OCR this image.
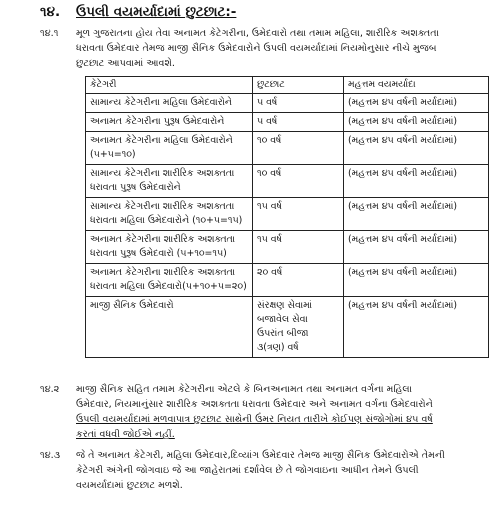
૧૪. ઉપલી વયમર્યાદામાં છુટછાટ:-
૧૪.૧	મૂળ ગુજરાતના હોય તેવા અનામત કેટેગરીના, ઉમેદવારો તથા તમામ મહિલા, શારીરિક અશક્તતા
ધરાવતા ઉમેદવાર તેમજ માજી સૈનિક ઉમેદવારોને ઉપલી વયમર્યાદામાં નિયમોનુસાર નીચે મુજબ
છુટછાટ આપવામાં આવશે.
કેટેગરી	છુટછાટ	મહત્તમ વયમર્યાદા

સામાન્ય કેટેગરીના મહિલા ઉમેદવારોને	૫ વર્ષ	(મહત્તમ ૪૫ વર્ષની મર્યાદામાં)

અનામત કેટેગરીના પુરૂષ ઉમેદવારોને	૫ વર્ષ	(મહત્તમ ૪૫ વર્ષની મર્યાદામાં)

અનામત કેટેગરીના મહિલા ઉમેદવારોને
(૫+૫=૧૦)	૧૦ વર્ષ	(મહત્તમ ૪૫ વર્ષની મર્યાદામાં)

સામાન્ય કેટેગરીના શારીરિક અશક્તતા
ધરાવતા પુરૂષ ઉમેદવારોને	૧૦ વર્ષ	(મહત્તમ ૪૫ વર્ષની મર્યાદામાં)

સામાન્ય કેટેગરીના શારીરિક અશક્તતા
ધરાવતા મહિલા ઉમેદવારોને (૧૦+૫=૧૫)	૧૫ વર્ષ	(મહત્તમ ૪૫ વર્ષની મર્યાદામાં)

અનામત કેટેગરીના શારીરિક અશક્તતા
ધરાવતા પુરૂષ ઉમેદવારો (૫+૧૦=૧૫)	૧૫ વર્ષ	(મહત્તમ ૪૫ વર્ષની મર્યાદામાં)

અનામત કેટેગરીના શારીરિક અશક્તતા
ધરાવતા મહિલા ઉમેદવારો(૫+૧૦+૫=૨૦)	૨૦ વર્ષ	(મહત્તમ ૪૫ વર્ષની મર્યાદામાં)

માજી સૈનિક ઉમેદવારો	સંરક્ષણ સેવામાં
બજાવેલ સેવા
ઉપરાંત બીજા
૩(ત્રણ) વર્ષ	(મહત્તમ ૪૫ વર્ષની મર્યાદામાં)
૧૪.૨	માજી સૈનિક સહિત તમામ કેટેગરીના એટલે કે બિનઅનામત તથા અનામત વર્ગના મહિલા
ઉમેદવાર, નિયમાનુંસાર શારીરિક અશક્તતા ધરાવતા ઉમેદવાર અને અનામત વર્ગના ઉમેદવારોને
ઉપલી વયમર્યાદામાં મળવાપાત્ર છુટછાટ સાથેની ઉંમર નિયત તારીખે કોઈપણ સંજોગોમાં ૪૫ વર્ષ
કરતાં વધવી જોઈએ નહીં.
૧૪.૩	જે તે અનામત કેટેગરી, મહિલા ઉમેદવાર,દિવ્યાંગ ઉમેદવાર તેમજ માજી સૈનિક ઉમેદવારોએ તેમની
કેટેગરી અંગેની જોગવાઇ જે આ જાહેરાતમાં દર્શાવેલ છે તે જોગવાઇના આધીન તેમને ઉપલી
વયમર્યાદામાં છુટછાટ મળશે.
